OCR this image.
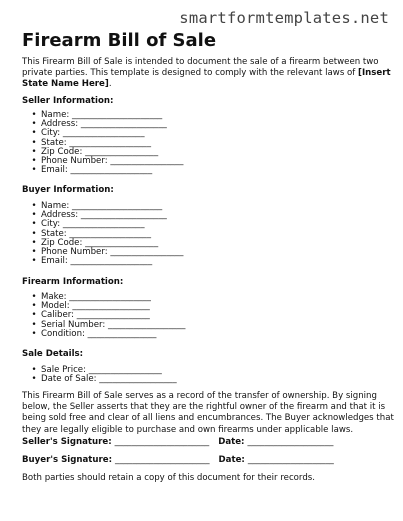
smartformtemplates.net
Firearm Bill of Sale
This Firearm Bill of Sale is intended to document the sale of a firearm between two private parties. This template is designed to comply with the relevant laws of [Insert State Name Here].
Seller Information:
• Name: _____________________
• Address: ____________________
• City: ___________________
• State: ___________________
• Zip Code: _________________
• Phone Number: _________________
• Email: ___________________
Buyer Information:
• Name: _____________________
• Address: ____________________
• City: ___________________
• State: ___________________
• Zip Code: _________________
• Phone Number: _________________
• Email: ___________________
Firearm Information:
• Make: ___________________
• Model: __________________
• Caliber: _________________
• Serial Number: __________________
• Condition: ________________
Sale Details:
• Sale Price: _________________
• Date of Sale: __________________
This Firearm Bill of Sale serves as a record of the transfer of ownership. By signing below, the Seller asserts that they are the rightful owner of the firearm and that it is being sold free and clear of all liens and encumbrances. The Buyer acknowledges that they are legally eligible to purchase and own firearms under applicable laws.
Seller's Signature: ______________________ Date: ____________________
Buyer's Signature: ______________________ Date: ____________________
Both parties should retain a copy of this document for their records.
